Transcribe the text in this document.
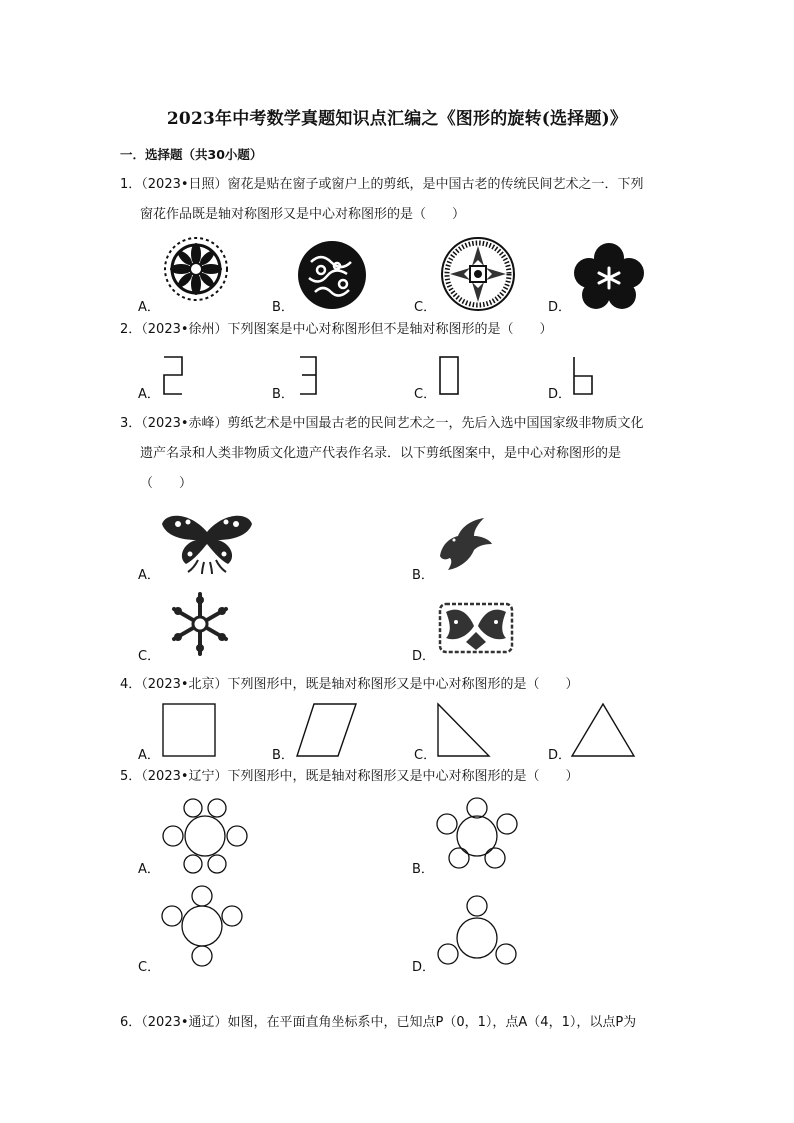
2023年中考数学真题知识点汇编之《图形的旋转(选择题)》
一．选择题（共30小题）
1．（2023•日照）窗花是贴在窗子或窗户上的剪纸，是中国古老的传统民间艺术之一．下列
窗花作品既是轴对称图形又是中心对称图形的是（　　）
A．	B．	C．	D．
2．（2023•徐州）下列图案是中心对称图形但不是轴对称图形的是（　　）
A．	B．	C．	D．
3．（2023•赤峰）剪纸艺术是中国最古老的民间艺术之一，先后入选中国国家级非物质文化
遗产名录和人类非物质文化遗产代表作名录．以下剪纸图案中，是中心对称图形的是
（　　）
A．	B．
C．	D．
4．（2023•北京）下列图形中，既是轴对称图形又是中心对称图形的是（　　）
A．	B．	C．	D．
5．（2023•辽宁）下列图形中，既是轴对称图形又是中心对称图形的是（　　）
A．	B．
C．	D．
6．（2023•通辽）如图，在平面直角坐标系中，已知点P（0，1），点A（4，1），以点P为
